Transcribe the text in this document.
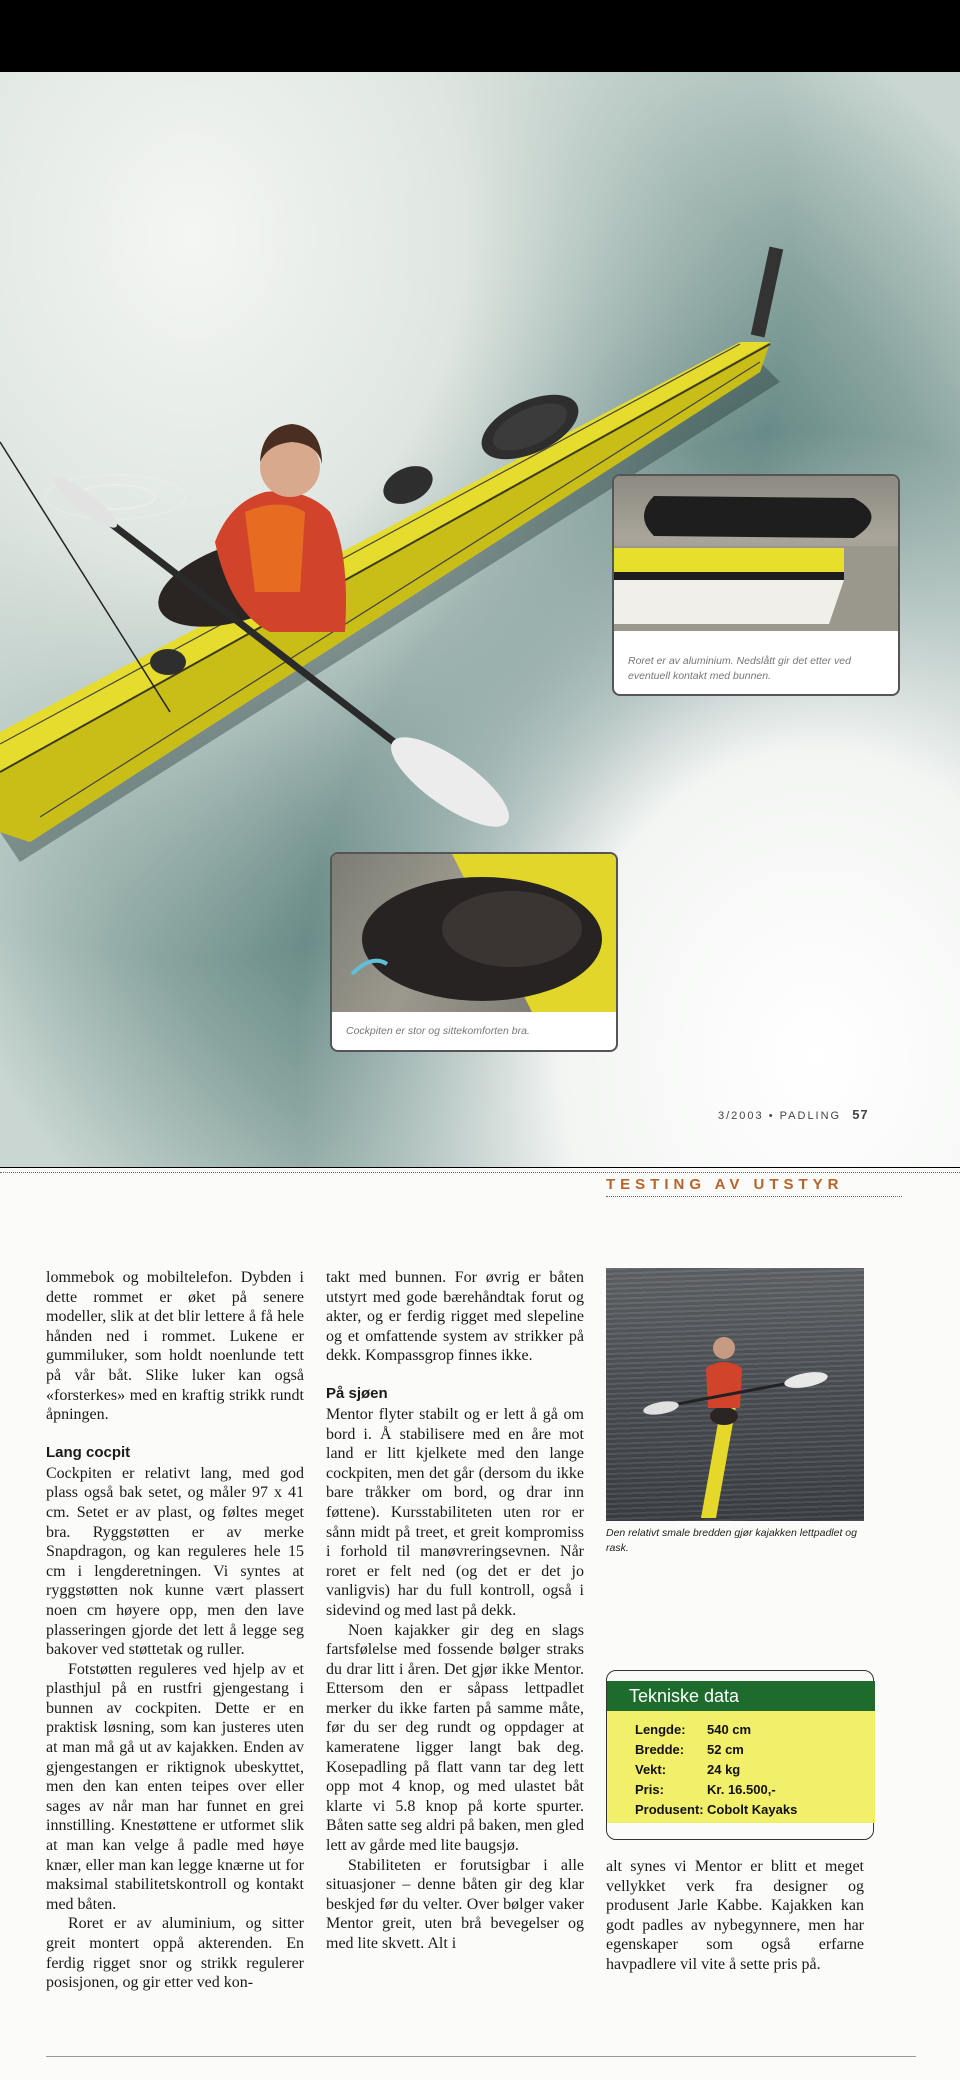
Roret er av aluminium. Nedslått gir det etter ved eventuell kontakt med bunnen.
Cockpiten er stor og sittekomforten bra.
3/2003 • PADLING 57
TESTING AV UTSTYR

lommebok og mobiltelefon. Dybden i dette rommet er øket på senere modeller, slik at det blir lettere å få hele hånden ned i rommet. Lukene er gummiluker, som holdt noenlunde tett på vår båt. Slike luker kan også «forsterkes» med en kraftig strikk rundt åpningen.

Lang cocpit

Cockpiten er relativt lang, med god plass også bak setet, og måler 97 x 41 cm. Setet er av plast, og føltes meget bra. Ryggstøtten er av merke Snapdragon, og kan reguleres hele 15 cm i lengderetningen. Vi syntes at ryggstøtten nok kunne vært plassert noen cm høyere opp, men den lave plasseringen gjorde det lett å legge seg bakover ved støttetak og ruller.

Fotstøtten reguleres ved hjelp av et plasthjul på en rustfri gjengestang i bunnen av cockpiten. Dette er en praktisk løsning, som kan justeres uten at man må gå ut av kajakken. Enden av gjengestangen er riktignok ubeskyttet, men den kan enten teipes over eller sages av når man har funnet en grei innstilling. Knestøttene er utformet slik at man kan velge å padle med høye knær, eller man kan legge knærne ut for maksimal stabilitetskontroll og kontakt med båten.

Roret er av aluminium, og sitter greit montert oppå akterenden. En ferdig rigget snor og strikk regulerer posisjonen, og gir etter ved kon-

takt med bunnen. For øvrig er båten utstyrt med gode bærehåndtak forut og akter, og er ferdig rigget med slepeline og et omfattende system av strikker på dekk. Kompassgrop finnes ikke.

På sjøen

Mentor flyter stabilt og er lett å gå om bord i. Å stabilisere med en åre mot land er litt kjelkete med den lange cockpiten, men det går (dersom du ikke bare tråkker om bord, og drar inn føttene). Kursstabiliteten uten ror er sånn midt på treet, et greit kompromiss i forhold til manøvreringsevnen. Når roret er felt ned (og det er det jo vanligvis) har du full kontroll, også i sidevind og med last på dekk.

Noen kajakker gir deg en slags fartsfølelse med fossende bølger straks du drar litt i åren. Det gjør ikke Mentor. Ettersom den er såpass lettpadlet merker du ikke farten på samme måte, før du ser deg rundt og oppdager at kameratene ligger langt bak deg. Kosepadling på flatt vann tar deg lett opp mot 4 knop, og med ulastet båt klarte vi 5.8 knop på korte spurter. Båten satte seg aldri på baken, men gled lett av gårde med lite baugsjø.

Stabiliteten er forutsigbar i alle situasjoner – denne båten gir deg klar beskjed før du velter. Over bølger vaker Mentor greit, uten brå bevegelser og med lite skvett. Alt i

Den relativt smale bredden gjør kajakken lettpadlet og rask.
Tekniske data
Lengde:	540 cm
Bredde:	52 cm
Vekt:	24 kg
Pris:	Kr. 16.500,-
Produsent:	Cobolt Kayaks

alt synes vi Mentor er blitt et meget vellykket verk fra designer og produsent Jarle Kabbe. Kajakken kan godt padles av nybegynnere, men har egenskaper som også erfarne havpadlere vil vite å sette pris på.
